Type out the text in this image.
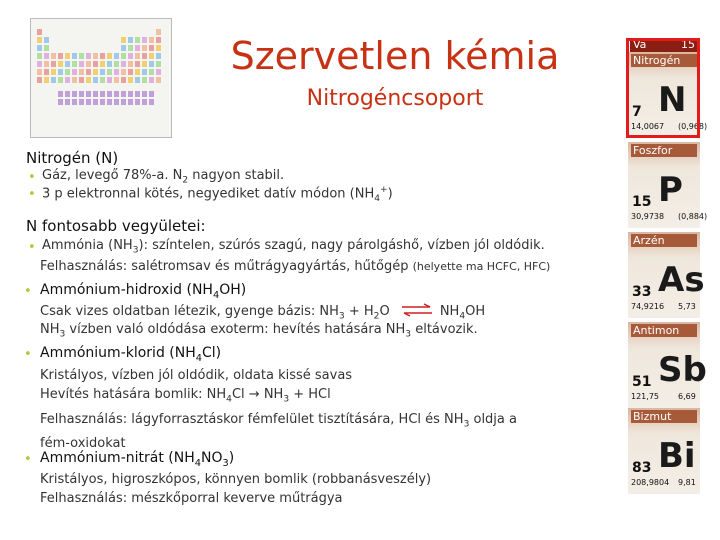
Szervetlen kémia
Nitrogéncsoport
Nitrogén (N)
• Gáz, levegő 78%-a. $N_2$ nagyon stabil.
• 3 p elektronnal kötés, negyediket datív módon $(NH_4^+)$
N fontosabb vegyületei:
• Ammónia $(NH_3)$: színtelen, szúrós szagú, nagy párolgáshő, vízben jól oldódik.
Felhasználás: salétromsav és műtrágyagyártás, hűtőgép (helyette ma HCFC, HFC)
• Ammónium-hidroxid $(NH_4OH)$
Csak vizes oldatban létezik, gyenge bázis: $NH_3 + H_2O$ ⇌ $NH_4OH$
$NH_3$ vízben való oldódása exoterm: hevítés hatására $NH_3$ eltávozik.
• Ammónium-klorid $(NH_4Cl)$
Kristályos, vízben jól oldódik, oldata kissé savas
Hevítés hatására bomlik: $NH_4Cl \to NH_3$ + HCl
Felhasználás: lágyforrasztáskor fémfelület tisztítására, HCl és $NH_3$ oldja a
fém-oxidokat
• Ammónium-nitrát $(NH_4NO_3)$
Kristályos, higroszkópos, könnyen bomlik (robbanásveszély)
Felhasználás: mészkőporral keverve műtrágya
Va	15
Nitrogén
N
7
14,0067 (0,968)
Foszfor
P
15
30,9738 (0,884)
Arzén
As
33
74,9216 5,73
Antimon
Sb
51
121,75 6,69
Bizmut
Bi
83
208,9804 9,81
